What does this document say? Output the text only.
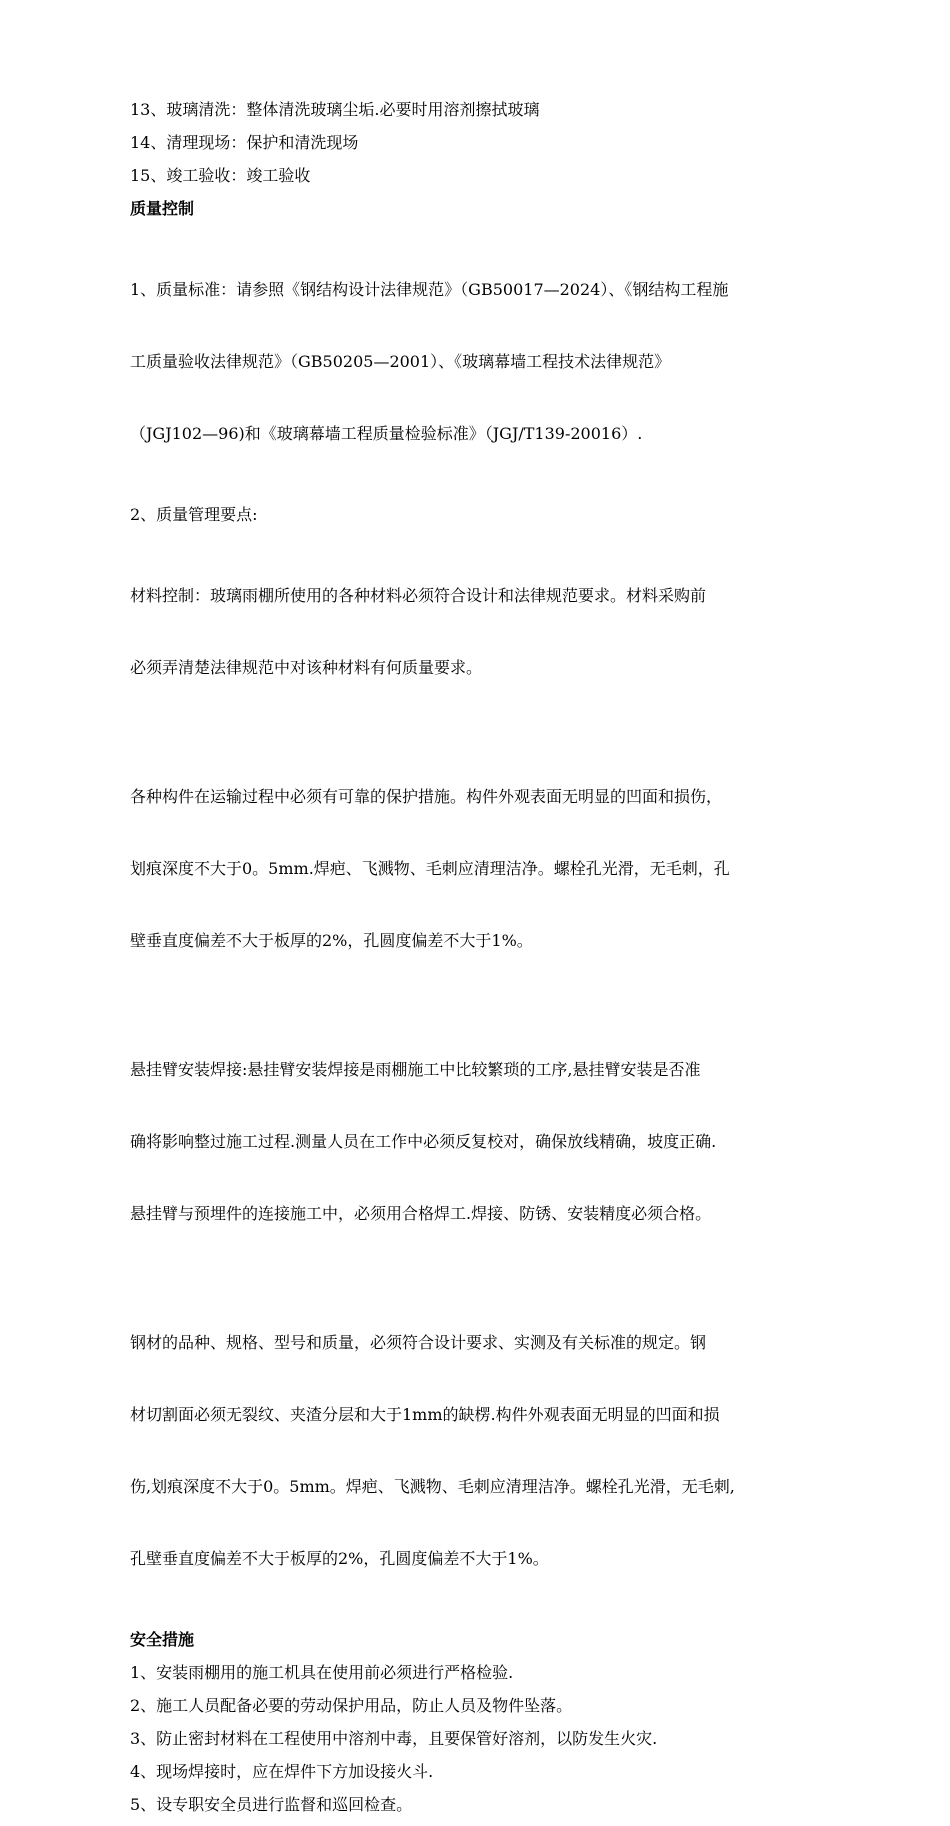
13、玻璃清洗：整体清洗玻璃尘垢.必要时用溶剂擦拭玻璃

14、清理现场：保护和清洗现场

15、竣工验收：竣工验收

质量控制

1、质量标准：请参照《钢结构设计法律规范》（GB50017—2024）、《钢结构工程施

工质量验收法律规范》（GB50205—2001）、《玻璃幕墙工程技术法律规范》

（JGJ102—96)和《玻璃幕墙工程质量检验标准》（JGJ/T139-20016）.

2、质量管理要点:

材料控制：玻璃雨棚所使用的各种材料必须符合设计和法律规范要求。材料采购前

必须弄清楚法律规范中对该种材料有何质量要求。

各种构件在运输过程中必须有可靠的保护措施。构件外观表面无明显的凹面和损伤，

划痕深度不大于0。5mm.焊疤、飞溅物、毛刺应清理洁净。螺栓孔光滑，无毛刺，孔

壁垂直度偏差不大于板厚的2%，孔圆度偏差不大于1%。

悬挂臂安装焊接:悬挂臂安装焊接是雨棚施工中比较繁琐的工序,悬挂臂安装是否准

确将影响整过施工过程.测量人员在工作中必须反复校对，确保放线精确，坡度正确.

悬挂臂与预埋件的连接施工中，必须用合格焊工.焊接、防锈、安装精度必须合格。

钢材的品种、规格、型号和质量，必须符合设计要求、实测及有关标准的规定。钢

材切割面必须无裂纹、夹渣分层和大于1mm的缺楞.构件外观表面无明显的凹面和损

伤,划痕深度不大于0。5mm。焊疤、飞溅物、毛刺应清理洁净。螺栓孔光滑，无毛刺,

孔壁垂直度偏差不大于板厚的2%，孔圆度偏差不大于1%。

安全措施

1、安装雨棚用的施工机具在使用前必须进行严格检验.

2、施工人员配备必要的劳动保护用品，防止人员及物件坠落。

3、防止密封材料在工程使用中溶剂中毒，且要保管好溶剂，以防发生火灾.

4、现场焊接时，应在焊件下方加设接火斗.

5、设专职安全员进行监督和巡回检查。
